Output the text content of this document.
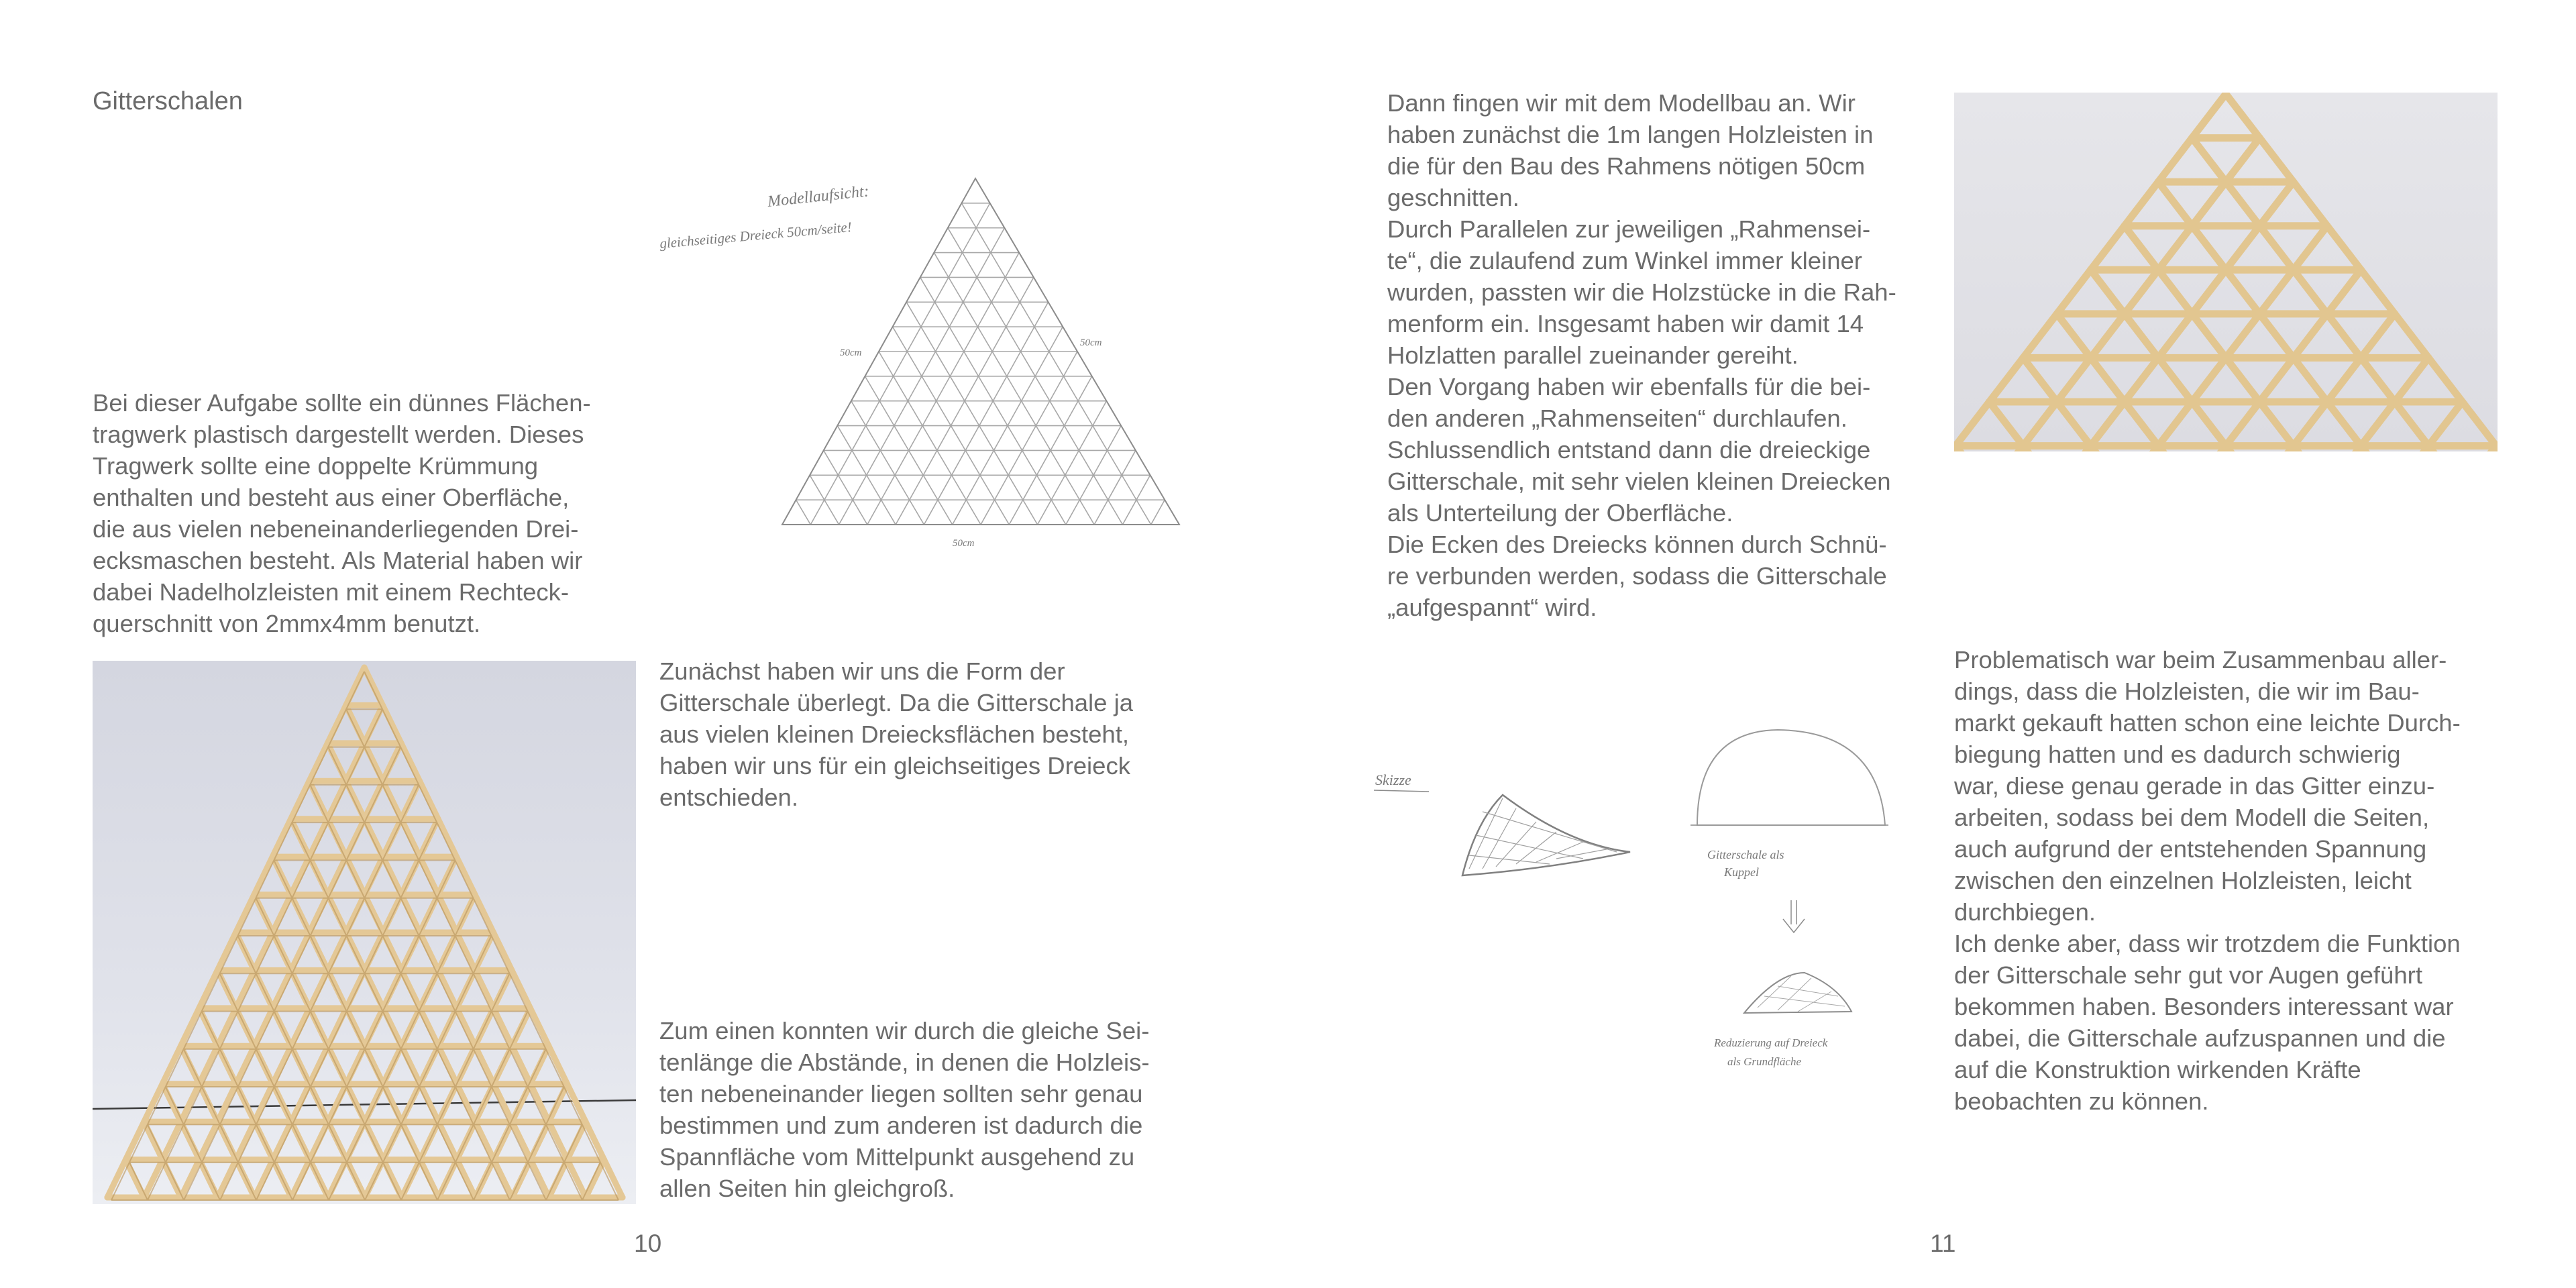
Gitterschalen
Modellaufsicht:
gleichseitiges Dreieck 50cm/seite!
50cm
50cm
50cm
Bei dieser Aufgabe sollte ein dünnes Flächen-
tragwerk plastisch dargestellt werden. Dieses
Tragwerk sollte eine doppelte Krümmung
enthalten und besteht aus einer Oberfläche,
die aus vielen nebeneinanderliegenden Drei-
ecksmaschen besteht. Als Material haben wir
dabei Nadelholzleisten mit einem Rechteck-
querschnitt von 2mmx4mm benutzt.
Zunächst haben wir uns die Form der
Gitterschale überlegt. Da die Gitterschale ja
aus vielen kleinen Dreiecksflächen besteht,
haben wir uns für ein gleichseitiges Dreieck
entschieden.
Zum einen konnten wir durch die gleiche Sei-
tenlänge die Abstände, in denen die Holzleis-
ten nebeneinander liegen sollten sehr genau
bestimmen und zum anderen ist dadurch die
Spannfläche vom Mittelpunkt ausgehend zu
allen Seiten hin gleichgroß.
10
Dann fingen wir mit dem Modellbau an. Wir
haben zunächst die 1m langen Holzleisten in
die für den Bau des Rahmens nötigen 50cm
geschnitten.
Durch Parallelen zur jeweiligen „Rahmensei-
te“, die zulaufend zum Winkel immer kleiner
wurden, passten wir die Holzstücke in die Rah-
menform ein. Insgesamt haben wir damit 14
Holzlatten parallel zueinander gereiht.
Den Vorgang haben wir ebenfalls für die bei-
den anderen „Rahmenseiten“ durchlaufen.
Schlussendlich entstand dann die dreieckige
Gitterschale, mit sehr vielen kleinen Dreiecken
als Unterteilung der Oberfläche.
Die Ecken des Dreiecks können durch Schnü-
re verbunden werden, sodass die Gitterschale
„aufgespannt“ wird.
Skizze
Gitterschale als Kuppel
Reduzierung auf Dreieck als Grundfläche
Problematisch war beim Zusammenbau aller-
dings, dass die Holzleisten, die wir im Bau-
markt gekauft hatten schon eine leichte Durch-
biegung hatten und es dadurch schwierig
war, diese genau gerade in das Gitter einzu-
arbeiten, sodass bei dem Modell die Seiten,
auch aufgrund der entstehenden Spannung
zwischen den einzelnen Holzleisten, leicht
durchbiegen.
Ich denke aber, dass wir trotzdem die Funktion
der Gitterschale sehr gut vor Augen geführt
bekommen haben. Besonders interessant war
dabei, die Gitterschale aufzuspannen und die
auf die Konstruktion wirkenden Kräfte
beobachten zu können.
11
